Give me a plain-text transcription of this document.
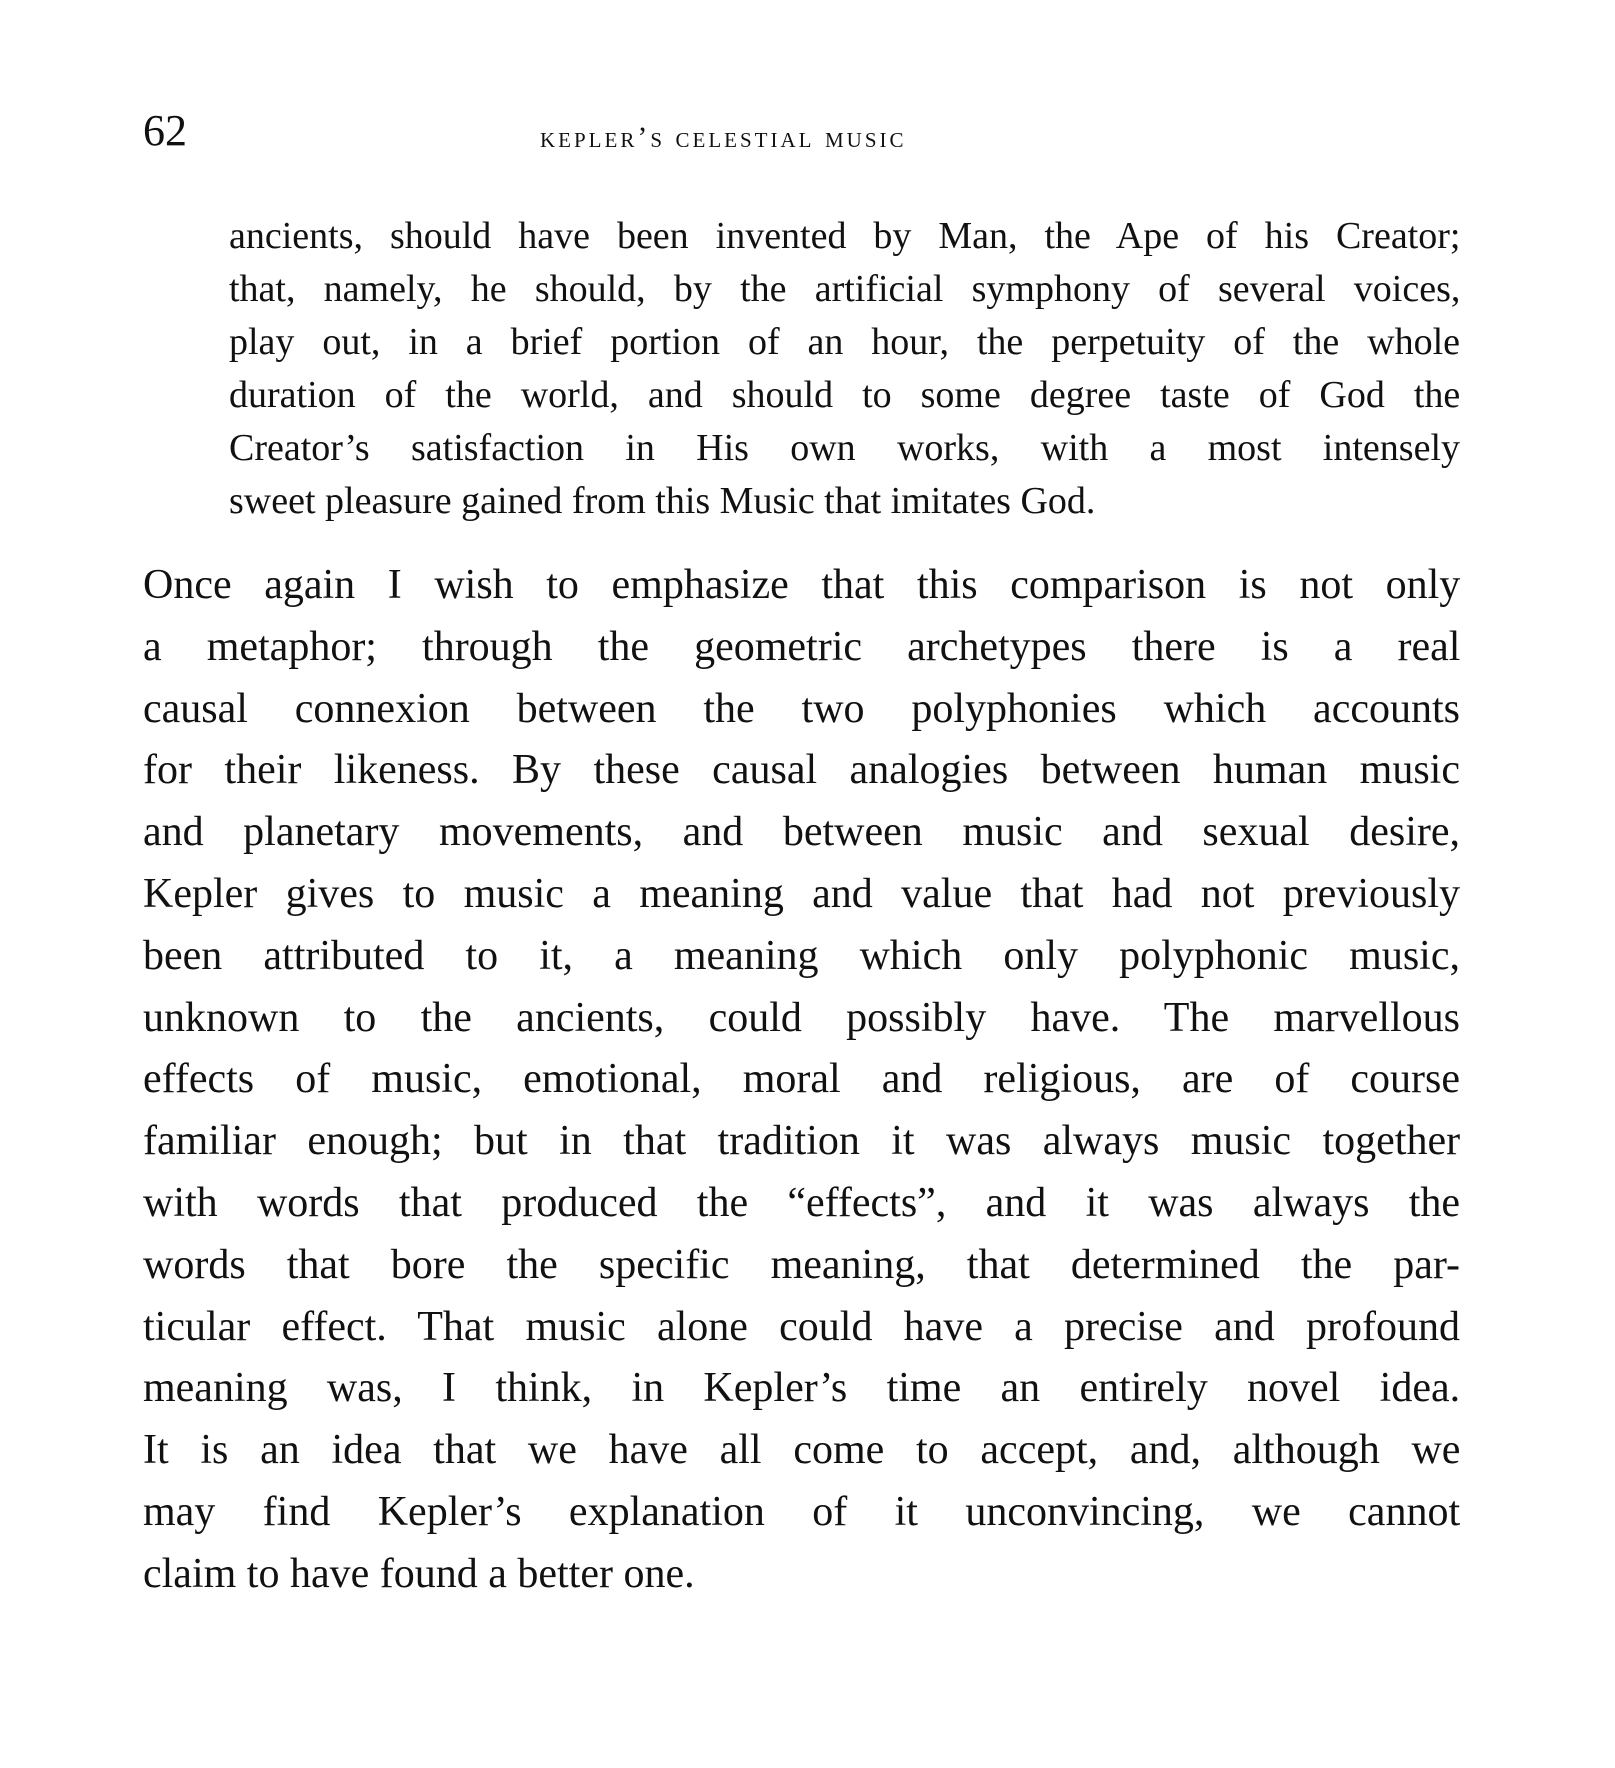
62	kepler’s celestial music
ancients, should have been invented by Man, the Ape of his Creator;
that, namely, he should, by the artificial symphony of several voices,
play out, in a brief portion of an hour, the perpetuity of the whole
duration of the world, and should to some degree taste of God the
Creator’s satisfaction in His own works, with a most intensely
sweet pleasure gained from this Music that imitates God.
Once again I wish to emphasize that this comparison is not only
a metaphor; through the geometric archetypes there is a real
causal connexion between the two polyphonies which accounts
for their likeness. By these causal analogies between human music
and planetary movements, and between music and sexual desire,
Kepler gives to music a meaning and value that had not previously
been attributed to it, a meaning which only polyphonic music,
unknown to the ancients, could possibly have. The marvellous
effects of music, emotional, moral and religious, are of course
familiar enough; but in that tradition it was always music together
with words that produced the “effects”, and it was always the
words that bore the specific meaning, that determined the par-
ticular effect. That music alone could have a precise and profound
meaning was, I think, in Kepler’s time an entirely novel idea.
It is an idea that we have all come to accept, and, although we
may find Kepler’s explanation of it unconvincing, we cannot
claim to have found a better one.
